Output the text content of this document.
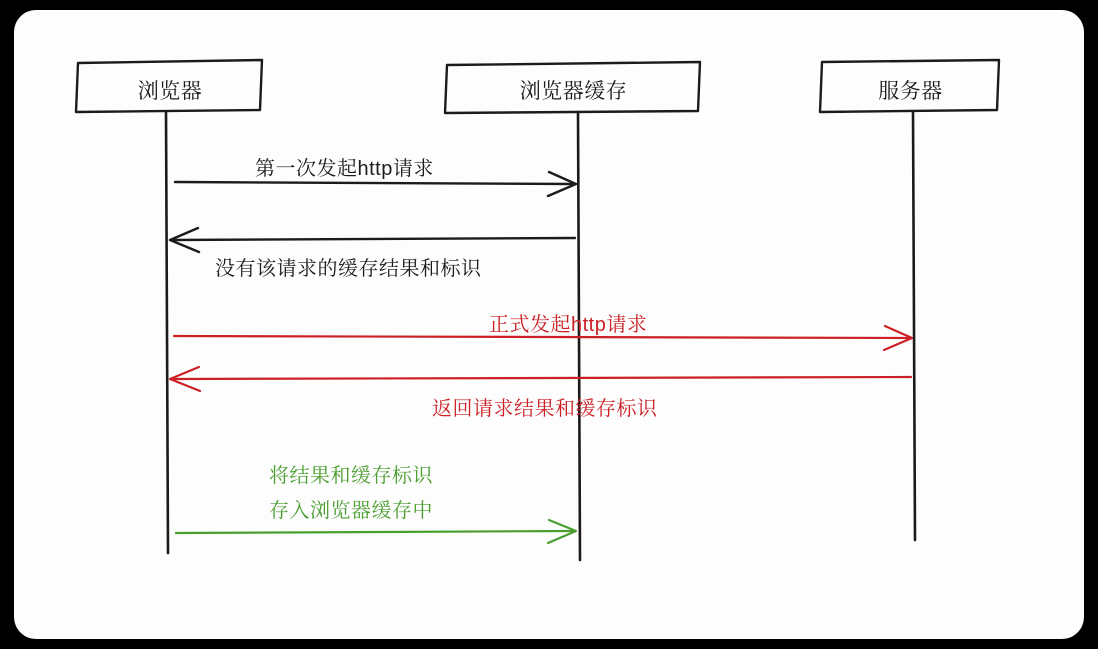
浏览器	浏览器缓存	服务器
第一次发起http请求
没有该请求的缓存结果和标识
正式发起http请求
返回请求结果和缓存标识
将结果和缓存标识
存入浏览器缓存中
